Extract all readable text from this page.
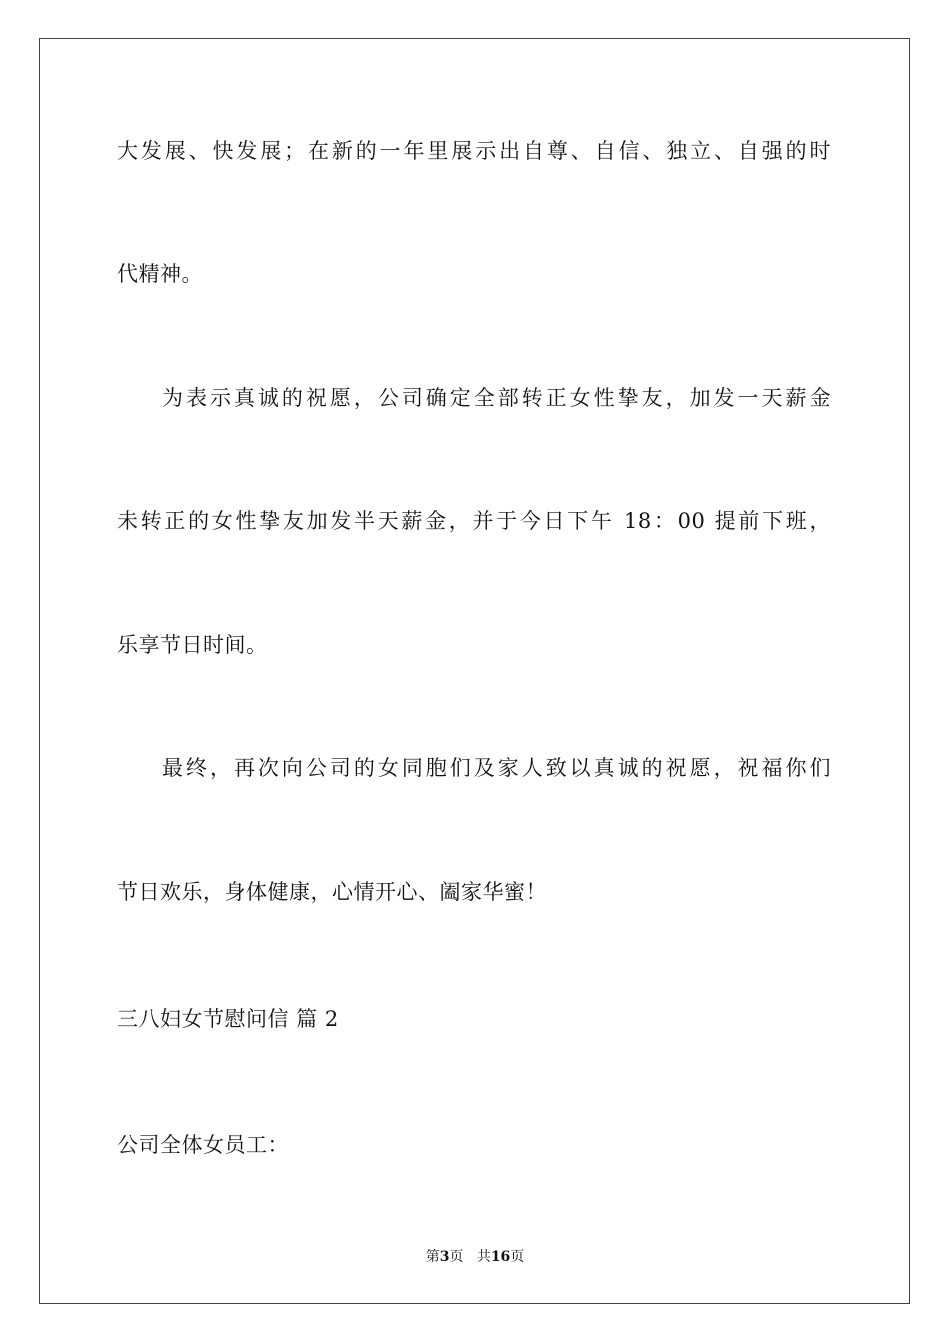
大发展、快发展；在新的一年里展示出自尊、自信、独立、自强的时
代精神。
为表示真诚的祝愿，公司确定全部转正女性挚友，加发一天薪金
未转正的女性挚友加发半天薪金，并于今日下午 18：00 提前下班，
乐享节日时间。
最终，再次向公司的女同胞们及家人致以真诚的祝愿，祝福你们
节日欢乐，身体健康，心情开心、阖家华蜜！
三八妇女节慰问信 篇 2
公司全体女员工：
第3页 共16页
